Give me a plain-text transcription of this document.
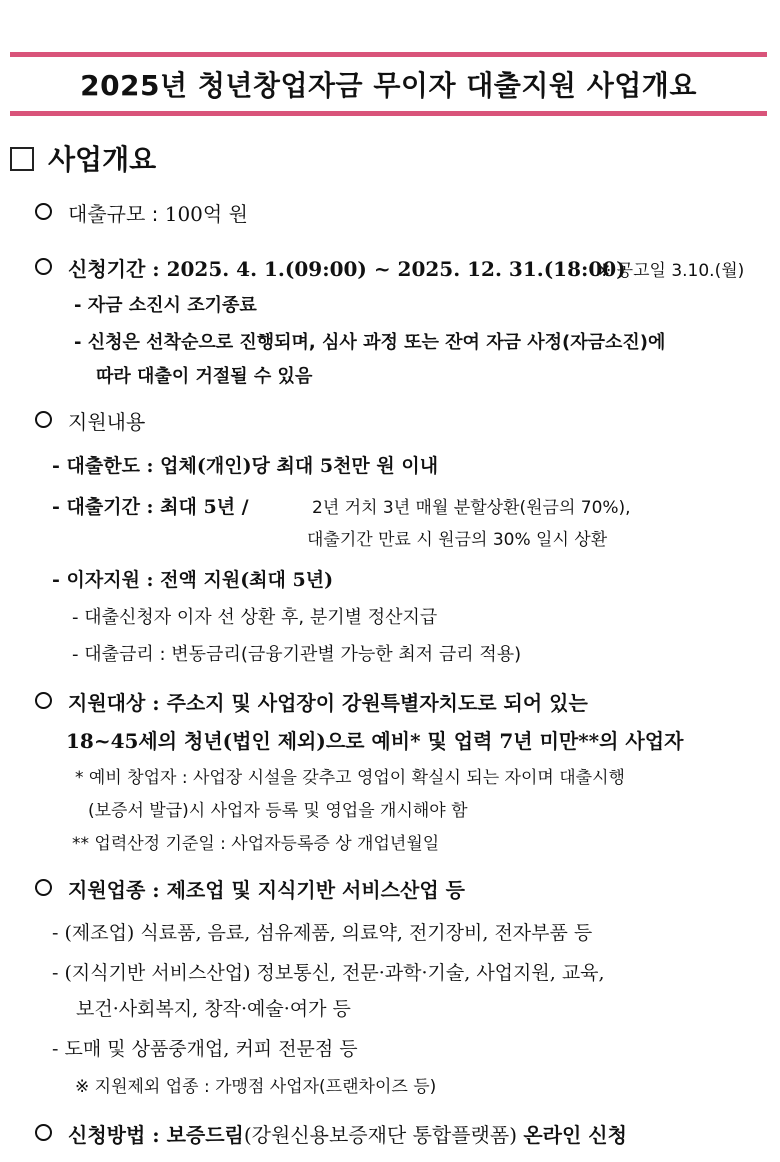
2025년 청년창업자금 무이자 대출지원 사업개요
사업개요
대출규모 : 100억 원
신청기간 : 2025. 4. 1.(09:00) ~ 2025. 12. 31.(18:00)
※ 공고일 3.10.(월)
- 자금 소진시 조기종료
- 신청은 선착순으로 진행되며, 심사 과정 또는 잔여 자금 사정(자금소진)에
따라 대출이 거절될 수 있음
지원내용
- 대출한도 : 업체(개인)당 최대 5천만 원 이내
- 대출기간 : 최대 5년 /	2년 거치 3년 매월 분할상환(원금의 70%),
대출기간 만료 시 원금의 30% 일시 상환
- 이자지원 : 전액 지원(최대 5년)
- 대출신청자 이자 선 상환 후, 분기별 정산지급
- 대출금리 : 변동금리(금융기관별 가능한 최저 금리 적용)
지원대상 : 주소지 및 사업장이 강원특별자치도로 되어 있는
18~45세의 청년(법인 제외)으로 예비* 및 업력 7년 미만**의 사업자
* 예비 창업자 : 사업장 시설을 갖추고 영업이 확실시 되는 자이며 대출시행
(보증서 발급)시 사업자 등록 및 영업을 개시해야 함
** 업력산정 기준일 : 사업자등록증 상 개업년월일
지원업종 : 제조업 및 지식기반 서비스산업 등
- (제조업) 식료품, 음료, 섬유제품, 의료약, 전기장비, 전자부품 등
- (지식기반 서비스산업) 정보통신, 전문·과학·기술, 사업지원, 교육,
보건·사회복지, 창작·예술·여가 등
- 도매 및 상품중개업, 커피 전문점 등
※ 지원제외 업종 : 가맹점 사업자(프랜차이즈 등)
신청방법 : 보증드림(강원신용보증재단 통합플랫폼) 온라인 신청
